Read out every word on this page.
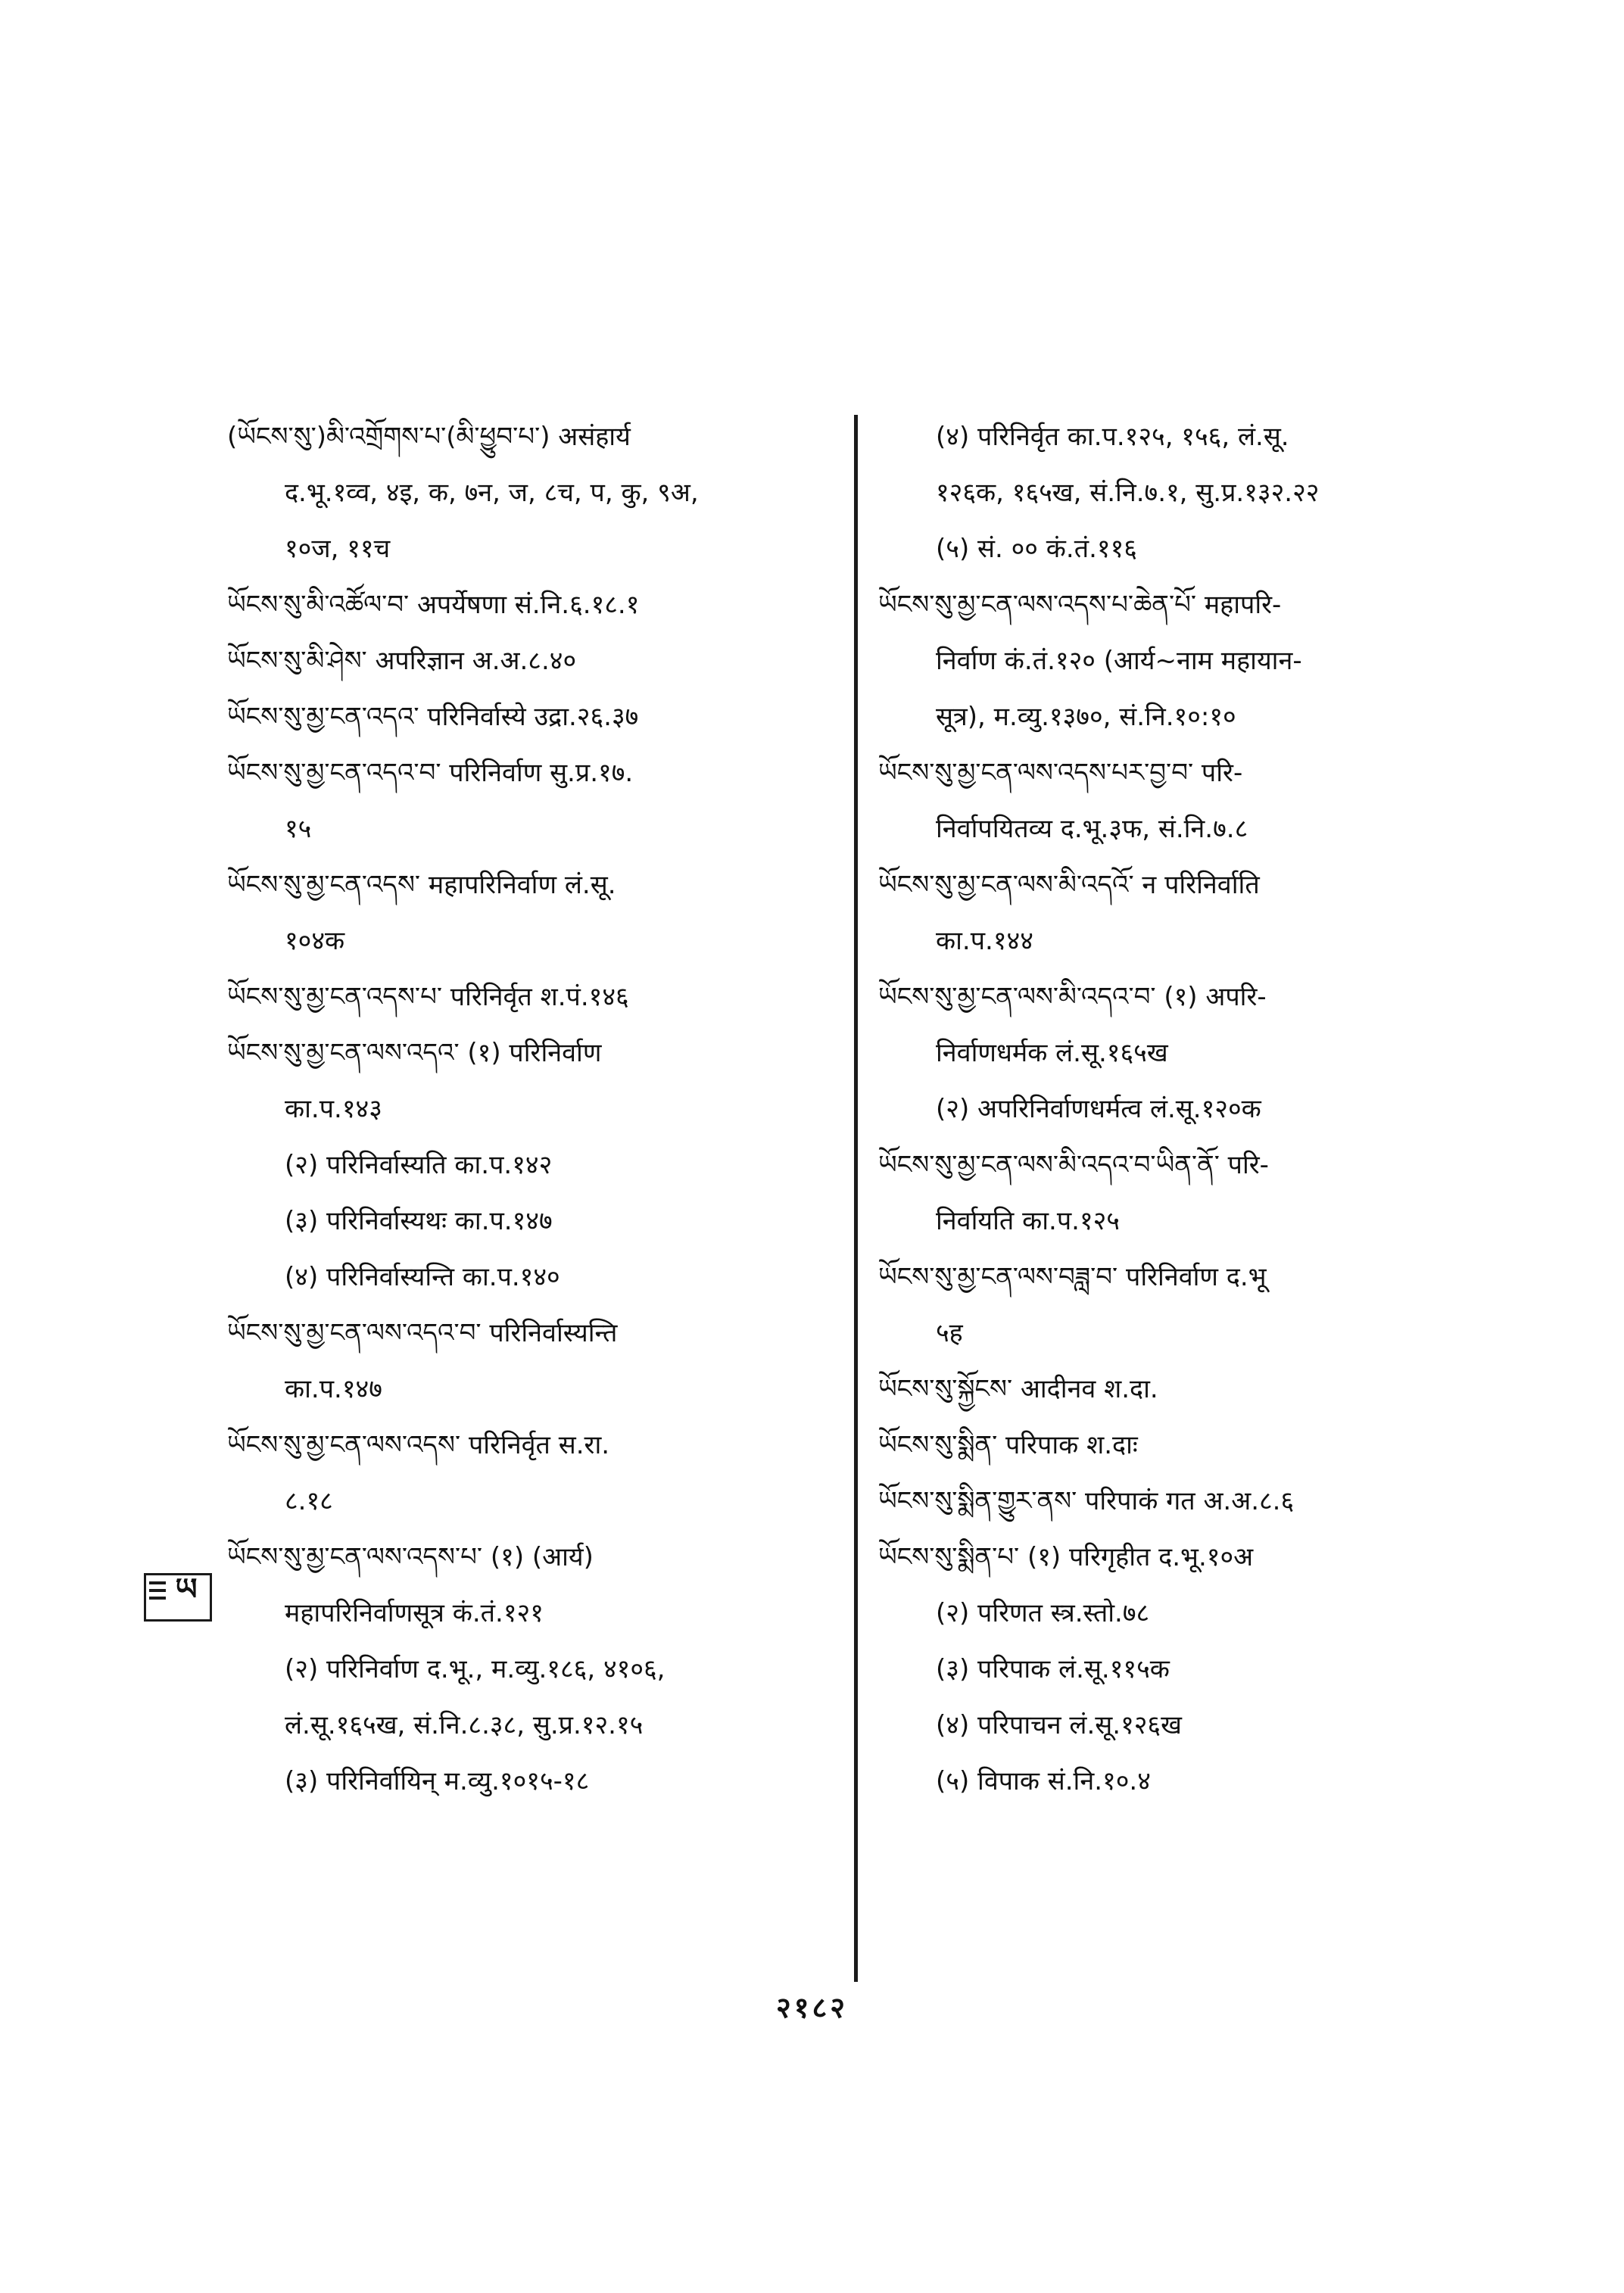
(ཡོངས་སུ་)མི་འགྲོགས་པ་(མི་ཕྱུབ་པ་) असंहार्य
द.भू.१व्व, ४इ, क, ७न, ज, ८च, प, कु, ९अ,
१०ज, ११च
ཡོངས་སུ་མི་འཚོལ་བ་ अपर्येषणा सं.नि.६.१८.१
ཡོངས་སུ་མི་ཤེས་ अपरिज्ञान अ.अ.८.४०
ཡོངས་སུ་མྱ་ངན་འདའ་ परिनिर्वास्ये उद्रा.२६.३७
ཡོངས་སུ་མྱ་ངན་འདའ་བ་ परिनिर्वाण सु.प्र.१७.
१५
ཡོངས་སུ་མྱ་ངན་འདས་ महापरिनिर्वाण लं.सू.
१०४क
ཡོངས་སུ་མྱ་ངན་འདས་པ་ परिनिर्वृत श.पं.१४६
ཡོངས་སུ་མྱ་ངན་ལས་འདའ་ (१) परिनिर्वाण
का.प.१४३
(२) परिनिर्वास्यति का.प.१४२
(३) परिनिर्वास्यथः का.प.१४७
(४) परिनिर्वास्यन्ति का.प.१४०
ཡོངས་སུ་མྱ་ངན་ལས་འདའ་བ་ परिनिर्वास्यन्ति
का.प.१४७
ཡོངས་སུ་མྱ་ངན་ལས་འདས་ परिनिर्वृत स.रा.
८.१८
ཡོངས་སུ་མྱ་ངན་ལས་འདས་པ་ (१) (आर्य)
महापरिनिर्वाणसूत्र कं.तं.१२१
(२) परिनिर्वाण द.भू., म.व्यु.१८६, ४१०६,
लं.सू.१६५ख, सं.नि.८.३८, सु.प्र.१२.१५
(३) परिनिर्वायिन् म.व्यु.१०१५-१८
(४) परिनिर्वृत का.प.१२५, १५६, लं.सू.
१२६क, १६५ख, सं.नि.७.१, सु.प्र.१३२.२२
(५) सं. ०० कं.तं.११६
ཡོངས་སུ་མྱ་ངན་ལས་འདས་པ་ཆེན་པོ་ महापरि-
निर्वाण कं.तं.१२० (आर्य~नाम महायान-
सूत्र), म.व्यु.१३७०, सं.नि.१०:१०
ཡོངས་སུ་མྱ་ངན་ལས་འདས་པར་བྱ་བ་ परि-
निर्वापयितव्य द.भू.३फ, सं.नि.७.८
ཡོངས་སུ་མྱ་ངན་ལས་མི་འདའོ་ न परिनिर्वाति
का.प.१४४
ཡོངས་སུ་མྱ་ངན་ལས་མི་འདའ་བ་ (१) अपरि-
निर्वाणधर्मक लं.सू.१६५ख
(२) अपरिनिर्वाणधर्मत्व लं.सू.१२०क
ཡོངས་སུ་མྱ་ངན་ལས་མི་འདའ་བ་ཡིན་ནོ་ परि-
निर्वायति का.प.१२५
ཡོངས་སུ་མྱ་ངན་ལས་བཟླ་བ་ परिनिर्वाण द.भू
५ह
ཡོངས་སུ་སྐྱོངས་ आदीनव श.दा.
ཡོངས་སུ་སྨིན་ परिपाक श.दाः
ཡོངས་སུ་སྨིན་གྱུར་ནས་ परिपाकं गत अ.अ.८.६
ཡོངས་སུ་སྨིན་པ་ (१) परिगृहीत द.भू.१०अ
(२) परिणत स्त्र.स्तो.७८
(३) परिपाक लं.सू.११५क
(४) परिपाचन लं.सू.१२६ख
(५) विपाक सं.नि.१०.४
ཡ
२१८२
